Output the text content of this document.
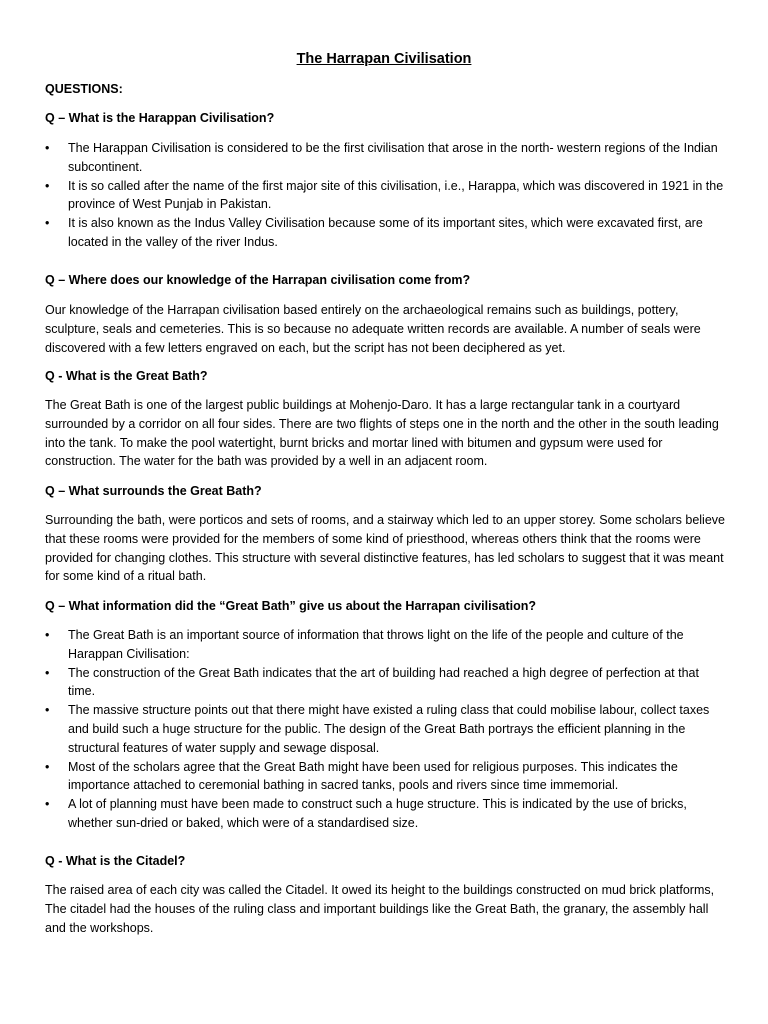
The Harrapan Civilisation
QUESTIONS:
Q – What is the Harappan Civilisation?
• The Harappan Civilisation is considered to be the first civilisation that arose in the north- western regions of the Indian subcontinent.
• It is so called after the name of the first major site of this civilisation, i.e., Harappa, which was discovered in 1921 in the province of West Punjab in Pakistan.
• It is also known as the Indus Valley Civilisation because some of its important sites, which were excavated first, are located in the valley of the river Indus.
Q – Where does our knowledge of the Harrapan civilisation come from?
Our knowledge of the Harrapan civilisation based entirely on the archaeological remains such as buildings, pottery, sculpture, seals and cemeteries. This is so because no adequate written records are available. A number of seals were discovered with a few letters engraved on each, but the script has not been deciphered as yet.
Q - What is the Great Bath?
The Great Bath is one of the largest public buildings at Mohenjo-Daro. It has a large rectangular tank in a courtyard surrounded by a corridor on all four sides. There are two flights of steps one in the north and the other in the south leading into the tank. To make the pool watertight, burnt bricks and mortar lined with bitumen and gypsum were used for construction. The water for the bath was provided by a well in an adjacent room.
Q – What surrounds the Great Bath?
Surrounding the bath, were porticos and sets of rooms, and a stairway which led to an upper storey. Some scholars believe that these rooms were provided for the members of some kind of priesthood, whereas others think that the rooms were provided for changing clothes. This structure with several distinctive features, has led scholars to suggest that it was meant for some kind of a ritual bath.
Q – What information did the “Great Bath” give us about the Harrapan civilisation?
• The Great Bath is an important source of information that throws light on the life of the people and culture of the Harappan Civilisation:
• The construction of the Great Bath indicates that the art of building had reached a high degree of perfection at that time.
• The massive structure points out that there might have existed a ruling class that could mobilise labour, collect taxes and build such a huge structure for the public. The design of the Great Bath portrays the efficient planning in the structural features of water supply and sewage disposal.
• Most of the scholars agree that the Great Bath might have been used for religious purposes. This indicates the importance attached to ceremonial bathing in sacred tanks, pools and rivers since time immemorial.
• A lot of planning must have been made to construct such a huge structure. This is indicated by the use of bricks, whether sun-dried or baked, which were of a standardised size.
Q - What is the Citadel?
The raised area of each city was called the Citadel. It owed its height to the buildings constructed on mud brick platforms, The citadel had the houses of the ruling class and important buildings like the Great Bath, the granary, the assembly hall and the workshops.
